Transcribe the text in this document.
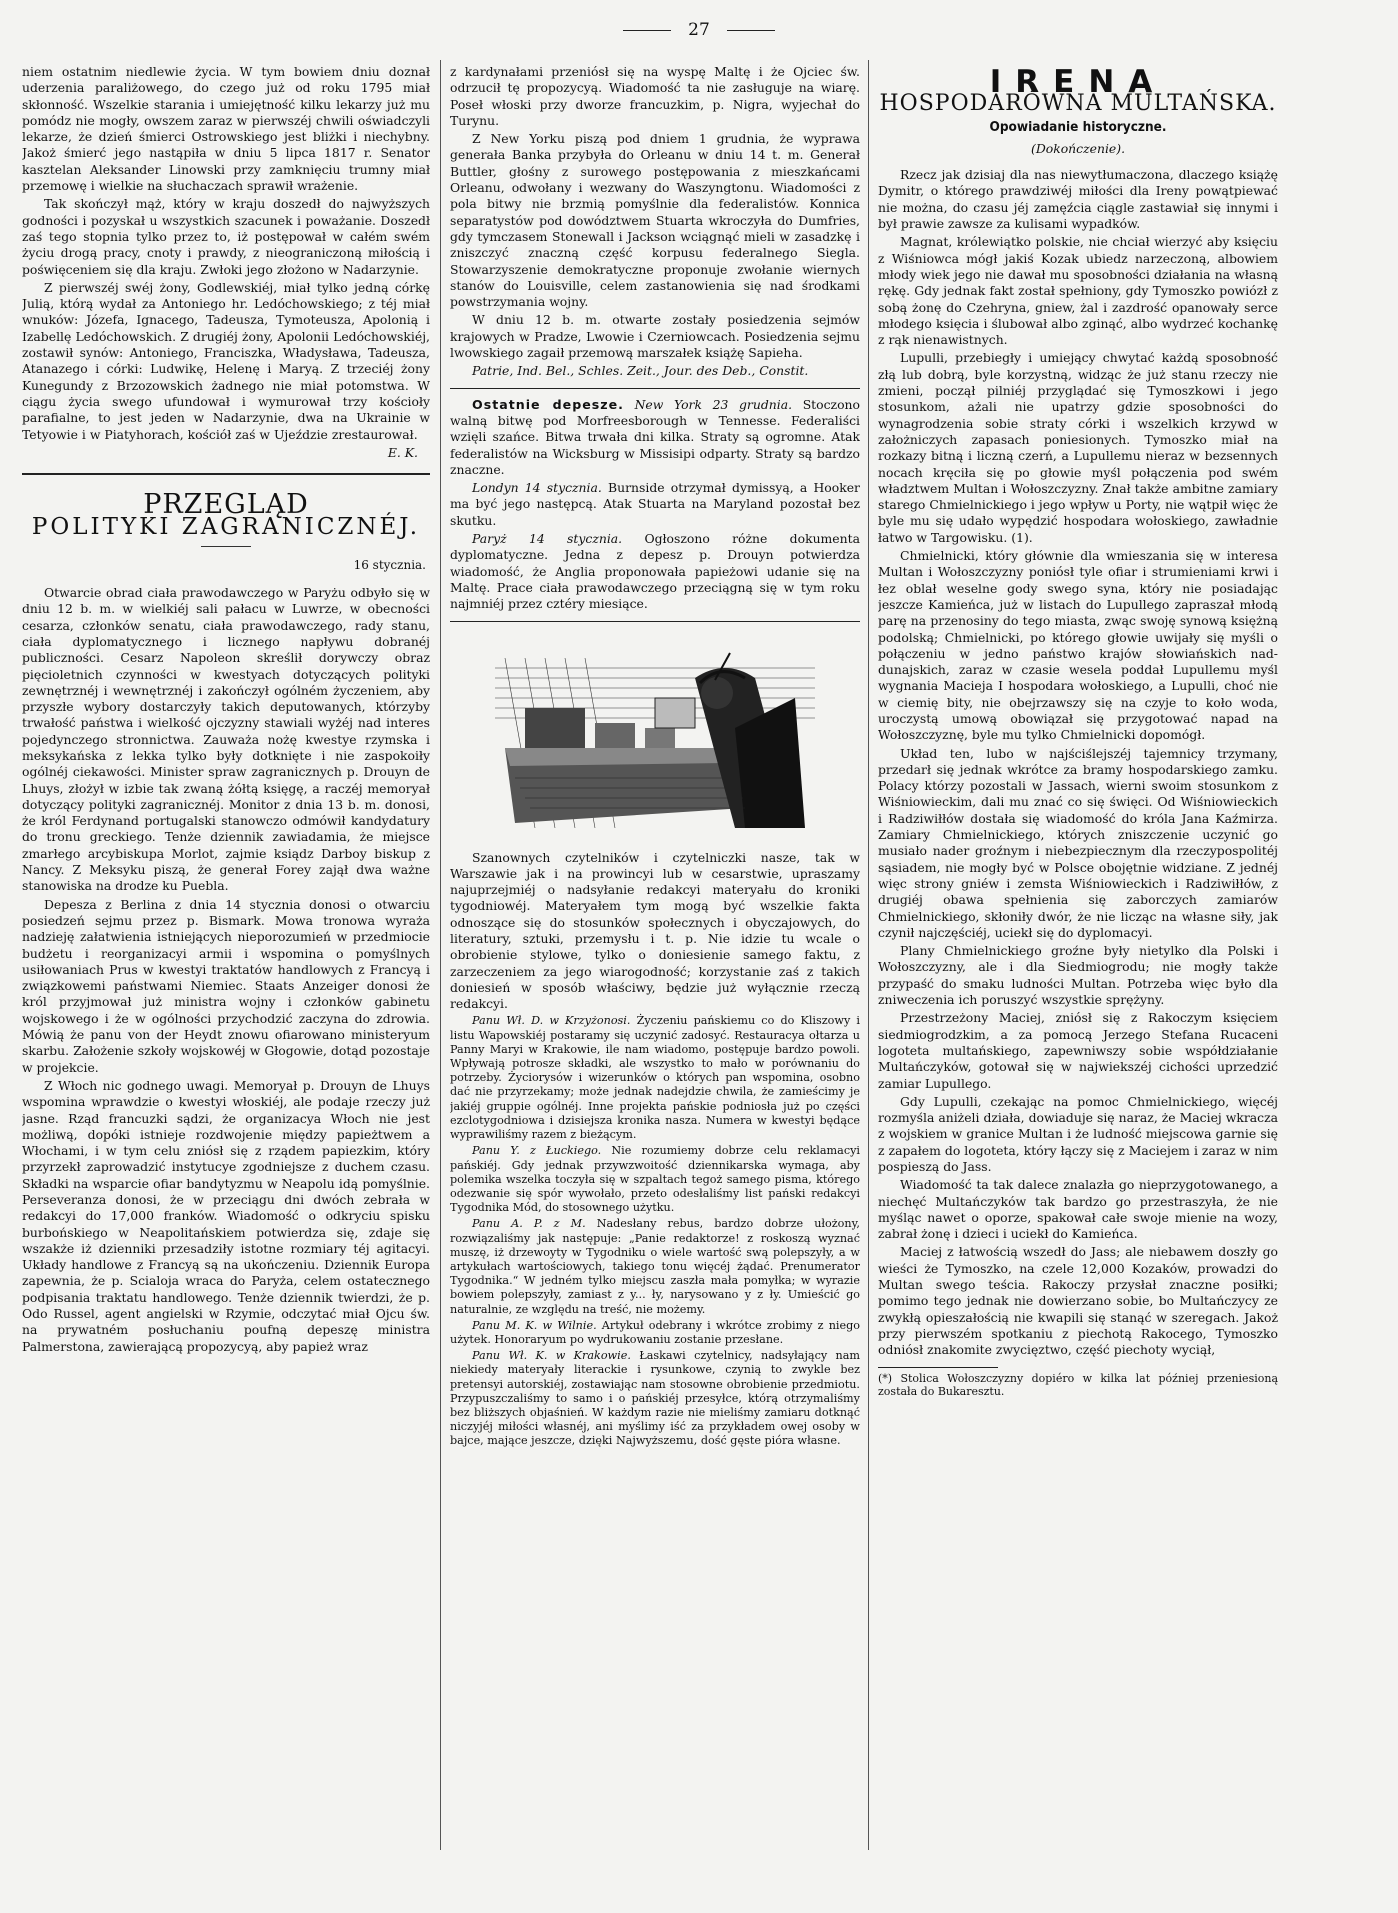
27

niem ostatnim niedlewie życia. W tym bowiem dniu doznał uderzenia paraliżowego, do czego już od roku 1795 miał skłonność. Wszelkie starania i umiejętność kilku lekarzy już mu pomódz nie mogły, owszem zaraz w pierwszéj chwili oświadczyli lekarze, że dzień śmierci Ostrowskiego jest bliżki i niechybny. Jakoż śmierć jego nastąpiła w dniu 5 lipca 1817 r. Senator kasztelan Aleksander Linowski przy zamknięciu trumny miał przemowę i wielkie na słuchaczach sprawił wrażenie.

Tak skończył mąż, który w kraju doszedł do najwyższych godności i pozyskał u wszystkich szacunek i poważanie. Doszedł zaś tego stopnia tylko przez to, iż postępował w całém swém życiu drogą pracy, cnoty i prawdy, z nieograniczoną miłością i poświęceniem się dla kraju. Zwłoki jego złożono w Nadarzynie.

Z pierwszéj swéj żony, Godlewskiéj, miał tylko jedną córkę Julią, którą wydał za Antoniego hr. Ledóchowskiego; z téj miał wnuków: Józefa, Ignacego, Tadeusza, Tymoteusza, Apolonią i Izabellę Ledóchowskich. Z drugiéj żony, Apolonii Ledóchowskiéj, zostawił synów: Antoniego, Franciszka, Władysława, Tadeusza, Atanazego i córki: Ludwikę, Helenę i Maryą. Z trzeciéj żony Kunegundy z Brzozowskich żadnego nie miał potomstwa. W ciągu życia swego ufundował i wymurował trzy kościoły parafialne, to jest jeden w Nadarzynie, dwa na Ukrainie w Tetyowie i w Piatyhorach, kościół zaś w Ujeździe zrestaurował.

E. K.
PRZEGLĄD
POLITYKI ZAGRANICZNÉJ.
16 stycznia.

Otwarcie obrad ciała prawodawczego w Paryżu odbyło się w dniu 12 b. m. w wielkiéj sali pałacu w Luwrze, w obecności cesarza, członków senatu, ciała prawodawczego, rady stanu, ciała dyplomatycznego i licznego napływu dobranéj publiczności. Cesarz Napoleon skreślił dorywczy obraz pięcioletnich czynności w kwestyach dotyczących polityki zewnętrznéj i wewnętrznéj i zakończył ogólném życzeniem, aby przyszłe wybory dostarczyły takich deputowanych, którzyby trwałość państwa i wielkość ojczyzny stawiali wyżéj nad interes pojedynczego stronnictwa. Zauważa nożę kwestye rzymska i meksykańska z lekka tylko były dotknięte i nie zaspokoiły ogólnéj ciekawości. Minister spraw zagranicznych p. Drouyn de Lhuys, złożył w izbie tak zwaną żółtą księgę, a raczéj memoryał dotyczący polityki zagranicznéj. Monitor z dnia 13 b. m. donosi, że król Ferdynand portugalski stanowczo odmówił kandydatury do tronu greckiego. Tenże dziennik zawiadamia, że miejsce zmarłego arcybiskupa Morlot, zajmie ksiądz Darboy biskup z Nancy. Z Meksyku piszą, że generał Forey zajął dwa ważne stanowiska na drodze ku Puebla.

Depesza z Berlina z dnia 14 stycznia donosi o otwarciu posiedzeń sejmu przez p. Bismark. Mowa tronowa wyraża nadzieję załatwienia istniejących nieporozumień w przedmiocie budżetu i reorganizacyi armii i wspomina o pomyślnych usiłowaniach Prus w kwestyi traktatów handlowych z Francyą i związkowemi państwami Niemiec. Staats Anzeiger donosi że król przyjmował już ministra wojny i członków gabinetu wojskowego i że w ogólności przychodzić zaczyna do zdrowia. Mówią że panu von der Heydt znowu ofiarowano ministeryum skarbu. Założenie szkoły wojskowéj w Głogowie, dotąd pozostaje w projekcie.

Z Włoch nic godnego uwagi. Memoryał p. Drouyn de Lhuys wspomina wprawdzie o kwestyi włoskiéj, ale podaje rzeczy już jasne. Rząd francuzki sądzi, że organizacya Włoch nie jest możliwą, dopóki istnieje rozdwojenie między papieżtwem a Włochami, i w tym celu zniósł się z rządem papiezkim, który przyrzekł zaprowadzić instytucye zgodniejsze z duchem czasu. Składki na wsparcie ofiar bandytyzmu w Neapolu idą pomyślnie. Perseveranza donosi, że w przeciągu dni dwóch zebrała w redakcyi do 17,000 franków. Wiadomość o odkryciu spisku burbońskiego w Neapolitańskiem potwierdza się, zdaje się wszakże iż dzienniki przesadziły istotne rozmiary téj agitacyi. Układy handlowe z Francyą są na ukończeniu. Dziennik Europa zapewnia, że p. Scialoja wraca do Paryża, celem ostatecznego podpisania traktatu handlowego. Tenże dziennik twierdzi, że p. Odo Russel, agent angielski w Rzymie, odczytać miał Ojcu św. na prywatném posłuchaniu poufną depeszę ministra Palmerstona, zawierającą propozycyą, aby papież wraz

z kardynałami przeniósł się na wyspę Maltę i że Ojciec św. odrzucił tę propozycyą. Wiadomość ta nie zasługuje na wiarę. Poseł włoski przy dworze francuzkim, p. Nigra, wyjechał do Turynu.

Z New Yorku piszą pod dniem 1 grudnia, że wyprawa generała Banka przybyła do Orleanu w dniu 14 t. m. Generał Buttler, głośny z surowego postępowania z mieszkańcami Orleanu, odwołany i wezwany do Waszyngtonu. Wiadomości z pola bitwy nie brzmią pomyślnie dla federalistów. Konnica separatystów pod dowództwem Stuarta wkroczyła do Dumfries, gdy tymczasem Stonewall i Jackson wciągnąć mieli w zasadzkę i zniszczyć znaczną część korpusu federalnego Siegla. Stowarzyszenie demokratyczne proponuje zwołanie wiernych stanów do Louisville, celem zastanowienia się nad środkami powstrzymania wojny.

W dniu 12 b. m. otwarte zostały posiedzenia sejmów krajowych w Pradze, Lwowie i Czerniowcach. Posiedzenia sejmu lwowskiego zagaił przemową marszałek książę Sapieha.

Patrie, Ind. Bel., Schles. Zeit., Jour. des Deb., Constit.

Ostatnie depesze. New York 23 grudnia. Stoczono walną bitwę pod Morfreesborough w Tennesse. Federaliści wzięli szańce. Bitwa trwała dni kilka. Straty są ogromne. Atak federalistów na Wicksburg w Missisipi odparty. Straty są bardzo znaczne.

Londyn 14 stycznia. Burnside otrzymał dymissyą, a Hooker ma być jego następcą. Atak Stuarta na Maryland pozostał bez skutku.

Paryż 14 stycznia. Ogłoszono różne dokumenta dyplomatyczne. Jedna z depesz p. Drouyn potwierdza wiadomość, że Anglia proponowała papieżowi udanie się na Maltę. Prace ciała prawodawczego przeciągną się w tym roku najmniéj przez cztéry miesiące.

Szanownych czytelników i czytelniczki nasze, tak w Warszawie jak i na prowincyi lub w cesarstwie, upraszamy najuprzejmiéj o nadsyłanie redakcyi materyału do kroniki tygodniowéj. Materyałem tym mogą być wszelkie fakta odnoszące się do stosunków społecznych i obyczajowych, do literatury, sztuki, przemysłu i t. p. Nie idzie tu wcale o obrobienie stylowe, tylko o doniesienie samego faktu, z zarzeczeniem za jego wiarogodność; korzystanie zaś z takich doniesień w sposób właściwy, będzie już wyłącznie rzeczą redakcyi.

Panu Wł. D. w Krzyżonosi. Życzeniu pańskiemu co do Kliszowy i listu Wapowskiéj postaramy się uczynić zadosyć. Restauracya ołtarza u Panny Maryi w Krakowie, ile nam wiadomo, postępuje bardzo powoli. Wpływają potrosze składki, ale wszystko to mało w porównaniu do potrzeby. Życiorysów i wizerunków o których pan wspomina, osobno dać nie przyrzekamy; może jednak nadejdzie chwila, że zamieścimy je jakiéj gruppie ogólnéj. Inne projekta pańskie podniosła już po części ezclotygodniowa i dzisiejsza kronika nasza. Numera w kwestyi będące wyprawiliśmy razem z bieżącym.

Panu Y. z Łuckiego. Nie rozumiemy dobrze celu reklamacyi pańskiéj. Gdy jednak przywzwoitość dziennikarska wymaga, aby polemika wszelka toczyła się w szpaltach tegoż samego pisma, którego odezwanie się spór wywołało, przeto odesłaliśmy list pański redakcyi Tygodnika Mód, do stosownego użytku.

Panu A. P. z M. Nadesłany rebus, bardzo dobrze ułożony, rozwiązaliśmy jak następuje: „Panie redaktorze! z roskoszą wyznać muszę, iż drzewoyty w Tygodniku o wiele wartość swą polepszyły, a w artykułach wartościowych, takiego tonu więcéj żądać. Prenumerator Tygodnika.“ W jedném tylko miejscu zaszła mała pomyłka; w wyrazie bowiem polepszyły, zamiast z y... ły, narysowano y z ły. Umieścić go naturalnie, ze względu na treść, nie możemy.

Panu M. K. w Wilnie. Artykuł odebrany i wkrótce zrobimy z niego użytek. Honoraryum po wydrukowaniu zostanie przesłane.

Panu Wł. K. w Krakowie. Łaskawi czytelnicy, nadsyłający nam niekiedy materyały literackie i rysunkowe, czynią to zwykle bez pretensyi autorskiéj, zostawiając nam stosowne obrobienie przedmiotu. Przypuszczaliśmy to samo i o pańskiéj przesyłce, którą otrzymaliśmy bez bliższych objaśnień. W każdym razie nie mieliśmy zamiaru dotknąć niczyjéj miłości własnéj, ani myślimy iść za przykładem owej osoby w bajce, mające jeszcze, dzięki Najwyższemu, dość gęste pióra własne.

IRENA
HOSPODARÓWNA MULTAŃSKA.
Opowiadanie historyczne.
(Dokończenie).

Rzecz jak dzisiaj dla nas niewytłumaczona, dlaczego książę Dymitr, o którego prawdziwéj miłości dla Ireny powątpiewać nie można, do czasu jéj zamęźcia ciągle zastawiał się innymi i był prawie zawsze za kulisami wypadków.

Magnat, królewiątko polskie, nie chciał wierzyć aby księciu z Wiśniowca mógł jakiś Kozak ubiedz narzeczoną, albowiem młody wiek jego nie dawał mu sposobności działania na własną rękę. Gdy jednak fakt został spełniony, gdy Tymoszko powiózł z sobą żonę do Czehryna, gniew, żal i zazdrość opanowały serce młodego księcia i ślubował albo zginąć, albo wydrzeć kochankę z rąk nienawistnych.

Lupulli, przebiegły i umiejący chwytać każdą sposobność złą lub dobrą, byle korzystną, widząc że już stanu rzeczy nie zmieni, począł pilniéj przyglądać się Tymoszkowi i jego stosunkom, ażali nie upatrzy gdzie sposobności do wynagrodzenia sobie straty córki i wszelkich krzywd w założniczych zapasach poniesionych. Tymoszko miał na rozkazy bitną i liczną czerń, a Lupullemu nieraz w bezsennych nocach kręciła się po głowie myśl połączenia pod swém władztwem Multan i Wołoszczyzny. Znał także ambitne zamiary starego Chmielnickiego i jego wpływ u Porty, nie wątpił więc że byle mu się udało wypędzić hospodara wołoskiego, zawładnie łatwo w Targowisku. (1).

Chmielnicki, który głównie dla wmieszania się w interesa Multan i Wołoszczyzny poniósł tyle ofiar i strumieniami krwi i łez oblał weselne gody swego syna, który nie posiadając jeszcze Kamieńca, już w listach do Lupullego zapraszał młodą parę na przenosiny do tego miasta, zwąc swoję synową księżną podolską; Chmielnicki, po którego głowie uwijały się myśli o połączeniu w jedno państwo krajów słowiańskich nad-dunajskich, zaraz w czasie wesela poddał Lupullemu myśl wygnania Macieja I hospodara wołoskiego, a Lupulli, choć nie w ciemię bity, nie obejrzawszy się na czyje to koło woda, uroczystą umową obowiązał się przygotować napad na Wołoszczyznę, byle mu tylko Chmielnicki dopomógł.

Układ ten, lubo w najściślejszéj tajemnicy trzymany, przedarł się jednak wkrótce za bramy hospodarskiego zamku. Polacy którzy pozostali w Jassach, wierni swoim stosunkom z Wiśniowieckim, dali mu znać co się święci. Od Wiśniowieckich i Radziwiłłów dostała się wiadomość do króla Jana Kaźmirza. Zamiary Chmielnickiego, których zniszczenie uczynić go musiało nader groźnym i niebezpiecznym dla rzeczypospolitéj sąsiadem, nie mogły być w Polsce obojętnie widziane. Z jednéj więc strony gniéw i zemsta Wiśniowieckich i Radziwiłłów, z drugiéj obawa spełnienia się zaborczych zamiarów Chmielnickiego, skłoniły dwór, że nie licząc na własne siły, jak czynił najczęściéj, uciekł się do dyplomacyi.

Plany Chmielnickiego groźne były nietylko dla Polski i Wołoszczyzny, ale i dla Siedmiogrodu; nie mogły także przypaść do smaku ludności Multan. Potrzeba więc było dla zniweczenia ich poruszyć wszystkie sprężyny.

Przestrzeżony Maciej, zniósł się z Rakoczym księciem siedmiogrodzkim, a za pomocą Jerzego Stefana Rucaceni logoteta multańskiego, zapewniwszy sobie współdziałanie Multańczyków, gotował się w najwiekszéj cichości uprzedzić zamiar Lupullego.

Gdy Lupulli, czekając na pomoc Chmielnickiego, więcéj rozmyśla aniżeli działa, dowiaduje się naraz, że Maciej wkracza z wojskiem w granice Multan i że ludność miejscowa garnie się z zapałem do logoteta, który łączy się z Maciejem i zaraz w nim pospieszą do Jass.

Wiadomość ta tak dalece znalazła go nieprzygotowanego, a niechęć Multańczyków tak bardzo go przestraszyła, że nie myśląc nawet o oporze, spakował całe swoje mienie na wozy, zabrał żonę i dzieci i uciekł do Kamieńca.

Maciej z łatwością wszedł do Jass; ale niebawem doszły go wieści że Tymoszko, na czele 12,000 Kozaków, prowadzi do Multan swego teścia. Rakoczy przysłał znaczne posiłki; pomimo tego jednak nie dowierzano sobie, bo Multańczycy ze zwykłą opieszałością nie kwapili się stanąć w szeregach. Jakoż przy pierwszém spotkaniu z piechotą Rakocego, Tymoszko odniósł znakomite zwycięztwo, część piechoty wyciął,

(*) Stolica Wołoszczyzny dopiéro w kilka lat później przeniesioną została do Bukaresztu.
